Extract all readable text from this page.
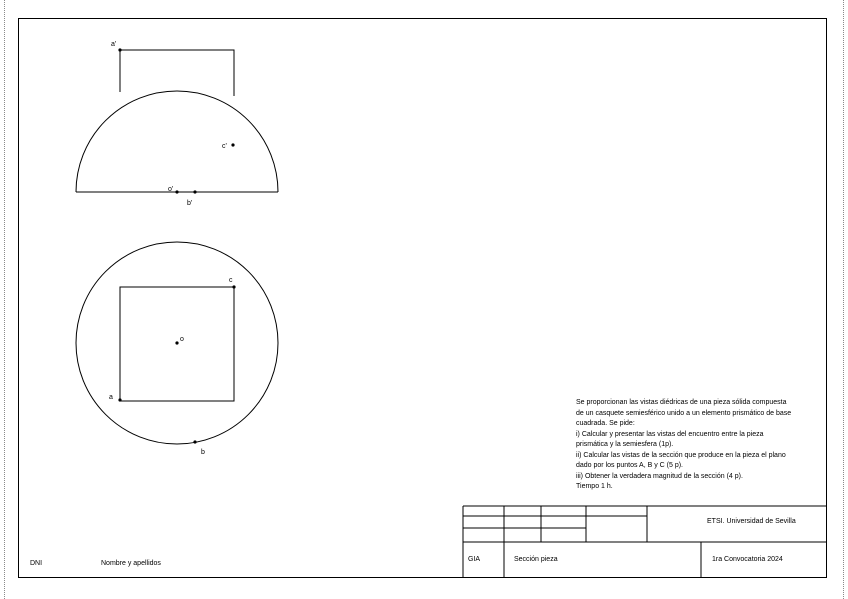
a'
c'
o'
b'
c
o
a
b
Se proporcionan las vistas diédricas de una pieza sólida compuesta
de un casquete semiesférico unido a un elemento prismático de base
cuadrada. Se pide:
i) Calcular y presentar las vistas del encuentro entre la pieza
prismática y la semiesfera (1p).
ii) Calcular las vistas de la sección que produce en la pieza el plano
dado por los puntos A, B y C (5 p).
iii) Obtener la verdadera magnitud de la sección (4 p).
Tiempo 1 h.
ETSI. Universidad de Sevilla
GIA	Sección pieza	1ra Convocatoria 2024
DNI	Nombre y apellidos
